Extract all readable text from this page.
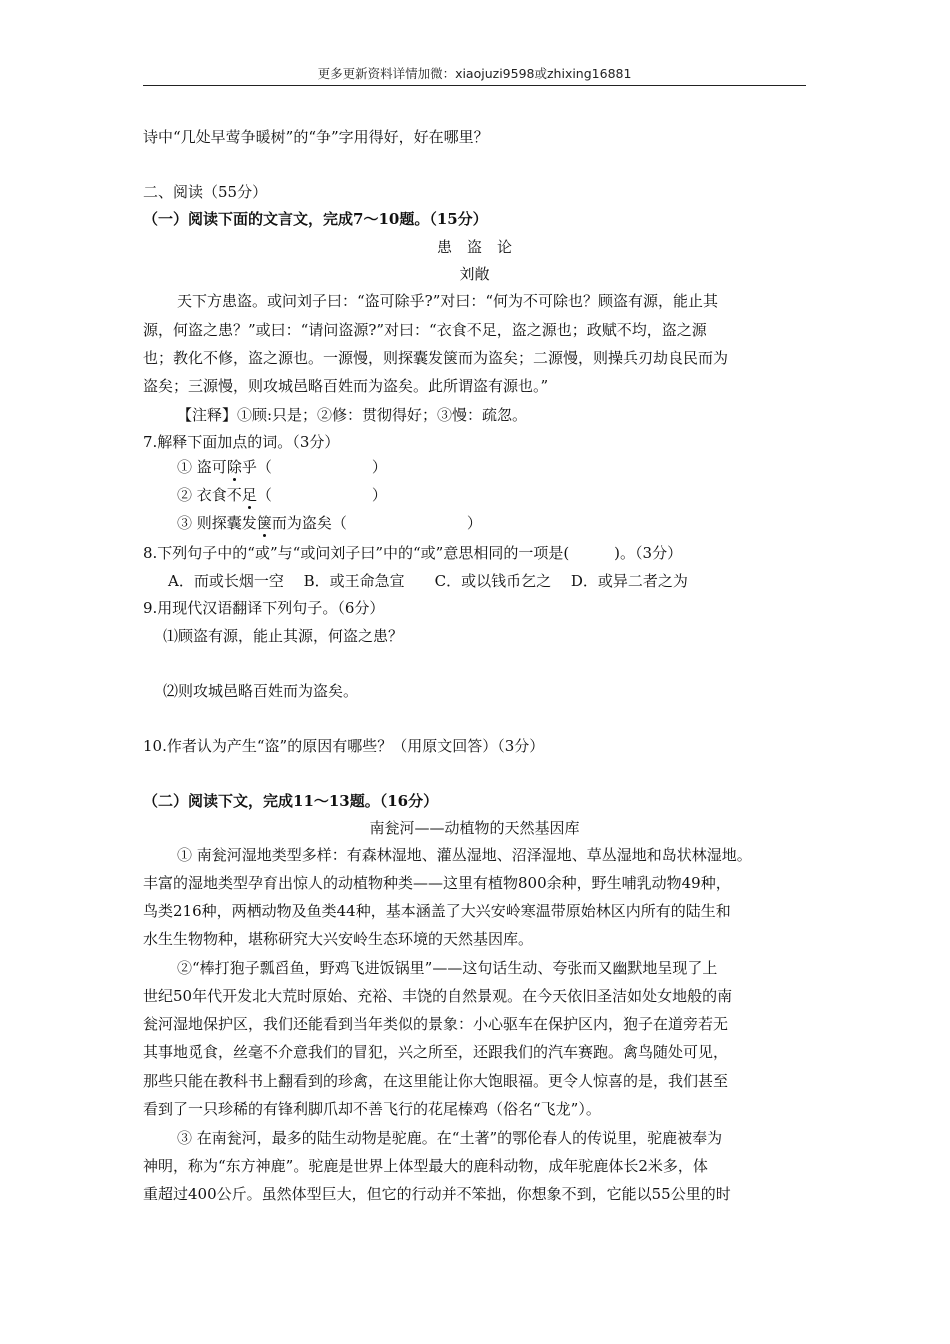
更多更新资料详情加微：xiaojuzi9598或zhixing16881
诗中“几处早莺争暖树”的“争”字用得好，好在哪里？
二、阅读（55分）
（一）阅读下面的文言文，完成7～10题。（15分）
患　盗　论
刘敞
天下方患盗。或问刘子曰：“盗可除乎?”对曰：“何为不可除也？顾盗有源，能止其
源，何盗之患？”或曰：“请问盗源?”对曰：“衣食不足，盗之源也；政赋不均，盗之源
也；教化不修，盗之源也。一源慢，则探囊发箧而为盗矣；二源慢，则操兵刃劫良民而为
盗矣；三源慢，则攻城邑略百姓而为盗矣。此所谓盗有源也。”
【注释】①顾:只是；②修：贯彻得好；③慢：疏忽。
7.解释下面加点的词。（3分）
① 盗可除乎（	）
② 衣食不足（	）
③ 则探囊发箧而为盗矣（	）
8.下列句子中的“或”与“或问刘子曰”中的“或”意思相同的一项是(　　　)。（3分）
A．而或长烟一空　 B．或王命急宣　　C．或以钱币乞之　 D．或异二者之为
9.用现代汉语翻译下列句子。（6分）
⑴顾盗有源，能止其源，何盗之患？
⑵则攻城邑略百姓而为盗矣。
10.作者认为产生“盗”的原因有哪些？（用原文回答）（3分）
（二）阅读下文，完成11～13题。（16分）
南瓮河——动植物的天然基因库
① 南瓮河湿地类型多样：有森林湿地、灌丛湿地、沼泽湿地、草丛湿地和岛状林湿地。
丰富的湿地类型孕育出惊人的动植物种类——这里有植物800余种，野生哺乳动物49种，
鸟类216种，两栖动物及鱼类44种，基本涵盖了大兴安岭寒温带原始林区内所有的陆生和
水生生物物种，堪称研究大兴安岭生态环境的天然基因库。
②“棒打狍子瓢舀鱼，野鸡飞进饭锅里”——这句话生动、夸张而又幽默地呈现了上
世纪50年代开发北大荒时原始、充裕、丰饶的自然景观。在今天依旧圣洁如处女地般的南
瓮河湿地保护区，我们还能看到当年类似的景象：小心驱车在保护区内，狍子在道旁若无
其事地觅食，丝毫不介意我们的冒犯，兴之所至，还跟我们的汽车赛跑。禽鸟随处可见，
那些只能在教科书上翻看到的珍禽，在这里能让你大饱眼福。更令人惊喜的是，我们甚至
看到了一只珍稀的有锋利脚爪却不善飞行的花尾榛鸡（俗名“飞龙”）。
③ 在南瓮河，最多的陆生动物是驼鹿。在“土著”的鄂伦春人的传说里，驼鹿被奉为
神明，称为“东方神鹿”。驼鹿是世界上体型最大的鹿科动物，成年驼鹿体长2米多，体
重超过400公斤。虽然体型巨大，但它的行动并不笨拙，你想象不到，它能以55公里的时
